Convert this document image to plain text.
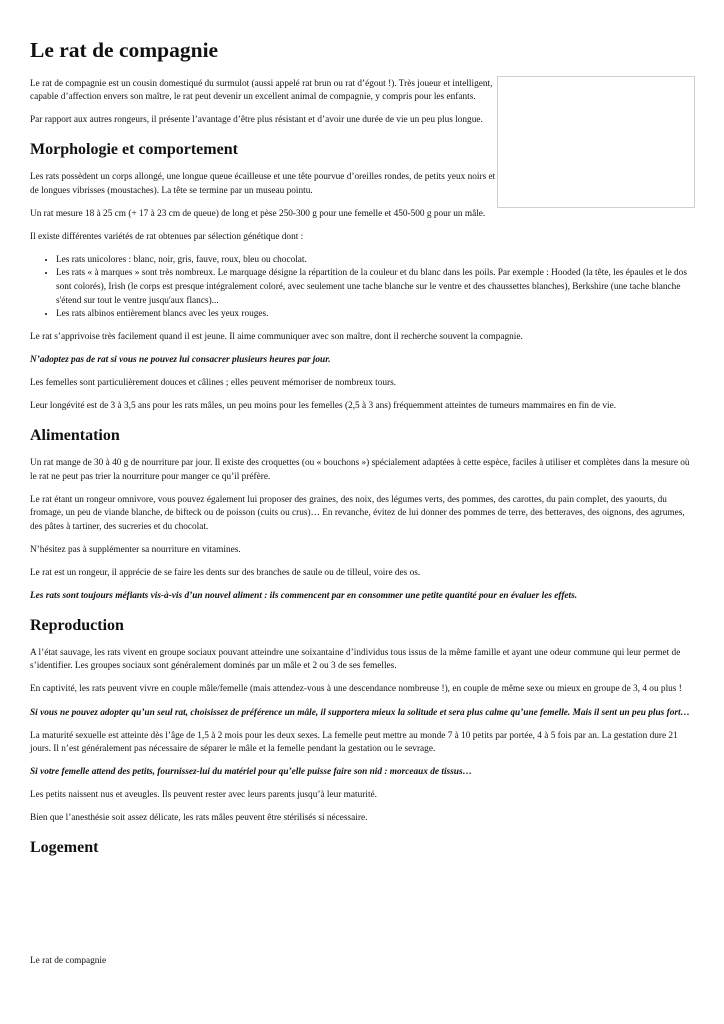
Le rat de compagnie

Le rat de compagnie est un cousin domestiqué du surmulot (aussi appelé rat brun ou rat d’égout !). Très joueur et intelligent, capable d’affection envers son maître, le rat peut devenir un excellent animal de compagnie, y compris pour les enfants.

Par rapport aux autres rongeurs, il présente l’avantage d’être plus résistant et d’avoir une durée de vie un peu plus longue.

Morphologie et comportement

Les rats possèdent un corps allongé, une longue queue écailleuse et une tête pourvue d’oreilles rondes, de petits yeux noirs et de longues vibrisses (moustaches). La tête se termine par un museau pointu.

Un rat mesure 18 à 25 cm (+ 17 à 23 cm de queue) de long et pèse 250-300 g pour une femelle et 450-500 g pour un mâle.

Il existe différentes variétés de rat obtenues par sélection génétique dont :

• Les rats unicolores : blanc, noir, gris, fauve, roux, bleu ou chocolat.
• Les rats « à marques » sont très nombreux. Le marquage désigne la répartition de la couleur et du blanc dans les poils. Par exemple : Hooded (la tête, les épaules et le dos sont colorés), Irish (le corps est presque intégralement coloré, avec seulement une tache blanche sur le ventre et des chaussettes blanches), Berkshire (une tache blanche s'étend sur tout le ventre jusqu'aux flancs)...
• Les rats albinos entièrement blancs avec les yeux rouges.

Le rat s’apprivoise très facilement quand il est jeune. Il aime communiquer avec son maître, dont il recherche souvent la compagnie.

N’adoptez pas de rat si vous ne pouvez lui consacrer plusieurs heures par jour.

Les femelles sont particulièrement douces et câlines ; elles peuvent mémoriser de nombreux tours.

Leur longévité est de 3 à 3,5 ans pour les rats mâles, un peu moins pour les femelles (2,5 à 3 ans) fréquemment atteintes de tumeurs mammaires en fin de vie.

Alimentation

Un rat mange de 30 à 40 g de nourriture par jour. Il existe des croquettes (ou « bouchons ») spécialement adaptées à cette espèce, faciles à utiliser et complètes dans la mesure où le rat ne peut pas trier la nourriture pour manger ce qu’il préfère.

Le rat étant un rongeur omnivore, vous pouvez également lui proposer des graines, des noix, des légumes verts, des pommes, des carottes, du pain complet, des yaourts, du fromage, un peu de viande blanche, de bifteck ou de poisson (cuits ou crus)… En revanche, évitez de lui donner des pommes de terre, des betteraves, des oignons, des agrumes, des pâtes à tartiner, des sucreries et du chocolat.

N’hésitez pas à supplémenter sa nourriture en vitamines.

Le rat est un rongeur, il apprécie de se faire les dents sur des branches de saule ou de tilleul, voire des os.

Les rats sont toujours méfiants vis-à-vis d’un nouvel aliment : ils commencent par en consommer une petite quantité pour en évaluer les effets.

Reproduction

A l’état sauvage, les rats vivent en groupe sociaux pouvant atteindre une soixantaine d’individus tous issus de la même famille et ayant une odeur commune qui leur permet de s’identifier. Les groupes sociaux sont généralement dominés par un mâle et 2 ou 3 de ses femelles.

En captivité, les rats peuvent vivre en couple mâle/femelle (mais attendez-vous à une descendance nombreuse !), en couple de même sexe ou mieux en groupe de 3, 4 ou plus !

Si vous ne pouvez adopter qu’un seul rat, choisissez de préférence un mâle, il supportera mieux la solitude et sera plus calme qu’une femelle. Mais il sent un peu plus fort…

La maturité sexuelle est atteinte dès l’âge de 1,5 à 2 mois pour les deux sexes. La femelle peut mettre au monde 7 à 10 petits par portée, 4 à 5 fois par an. La gestation dure 21 jours. Il n’est généralement pas nécessaire de séparer le mâle et la femelle pendant la gestation ou le sevrage.

Si votre femelle attend des petits, fournissez-lui du matériel pour qu’elle puisse faire son nid : morceaux de tissus…

Les petits naissent nus et aveugles. Ils peuvent rester avec leurs parents jusqu’à leur maturité.

Bien que l’anesthésie soit assez délicate, les rats mâles peuvent être stérilisés si nécessaire.

Logement
Le rat de compagnie
